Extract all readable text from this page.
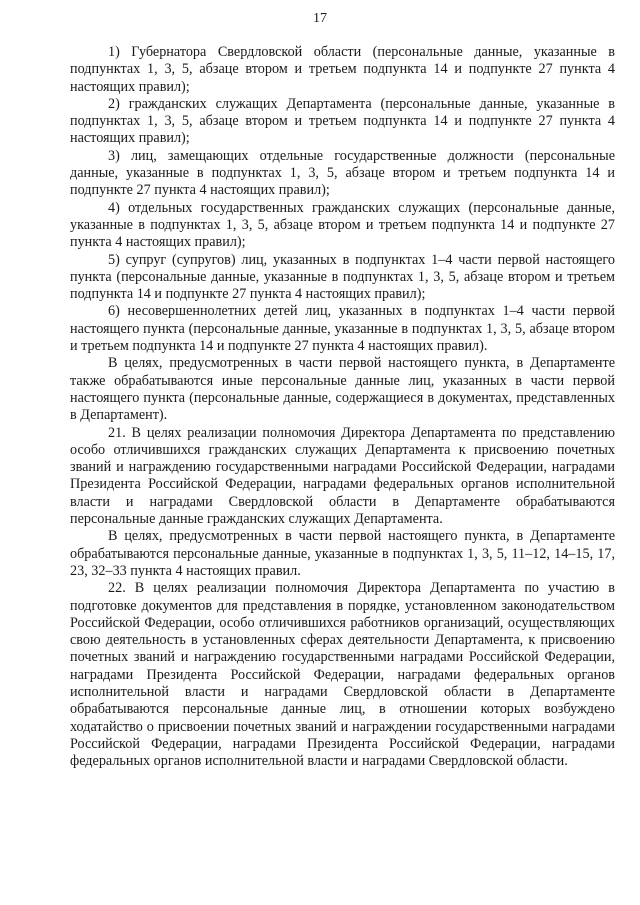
17

1) Губернатора Свердловской области (персональные данные, указанные в подпунктах 1, 3, 5, абзаце втором и третьем подпункта 14 и подпункте 27 пункта 4 настоящих правил);

2) гражданских служащих Департамента (персональные данные, указанные в подпунктах 1, 3, 5, абзаце втором и третьем подпункта 14 и подпункте 27 пункта 4 настоящих правил);

3) лиц, замещающих отдельные государственные должности (персональные данные, указанные в подпунктах 1, 3, 5, абзаце втором и третьем подпункта 14 и подпункте 27 пункта 4 настоящих правил);

4) отдельных государственных гражданских служащих (персональные данные, указанные в подпунктах 1, 3, 5, абзаце втором и третьем подпункта 14 и подпункте 27 пункта 4 настоящих правил);

5) супруг (супругов) лиц, указанных в подпунктах 1–4 части первой настоящего пункта (персональные данные, указанные в подпунктах 1, 3, 5, абзаце втором и третьем подпункта 14 и подпункте 27 пункта 4 настоящих правил);

6) несовершеннолетних детей лиц, указанных в подпунктах 1–4 части первой настоящего пункта (персональные данные, указанные в подпунктах 1, 3, 5, абзаце втором и третьем подпункта 14 и подпункте 27 пункта 4 настоящих правил).

В целях, предусмотренных в части первой настоящего пункта, в Департаменте также обрабатываются иные персональные данные лиц, указанных в части первой настоящего пункта (персональные данные, содержащиеся в документах, представленных в Департамент).

21. В целях реализации полномочия Директора Департамента по представлению особо отличившихся гражданских служащих Департамента к присвоению почетных званий и награждению государственными наградами Российской Федерации, наградами Президента Российской Федерации, наградами федеральных органов исполнительной власти и наградами Свердловской области в Департаменте обрабатываются персональные данные гражданских служащих Департамента.

В целях, предусмотренных в части первой настоящего пункта, в Департаменте обрабатываются персональные данные, указанные в подпунктах 1, 3, 5, 11–12, 14–15, 17, 23, 32–33 пункта 4 настоящих правил.

22. В целях реализации полномочия Директора Департамента по участию в подготовке документов для представления в порядке, установленном законодательством Российской Федерации, особо отличившихся работников организаций, осуществляющих свою деятельность в установленных сферах деятельности Департамента, к присвоению почетных званий и награждению государственными наградами Российской Федерации, наградами Президента Российской Федерации, наградами федеральных органов исполнительной власти и наградами Свердловской области в Департаменте обрабатываются персональные данные лиц, в отношении которых возбуждено ходатайство о присвоении почетных званий и награждении государственными наградами Российской Федерации, наградами Президента Российской Федерации, наградами федеральных органов исполнительной власти и наградами Свердловской области.
